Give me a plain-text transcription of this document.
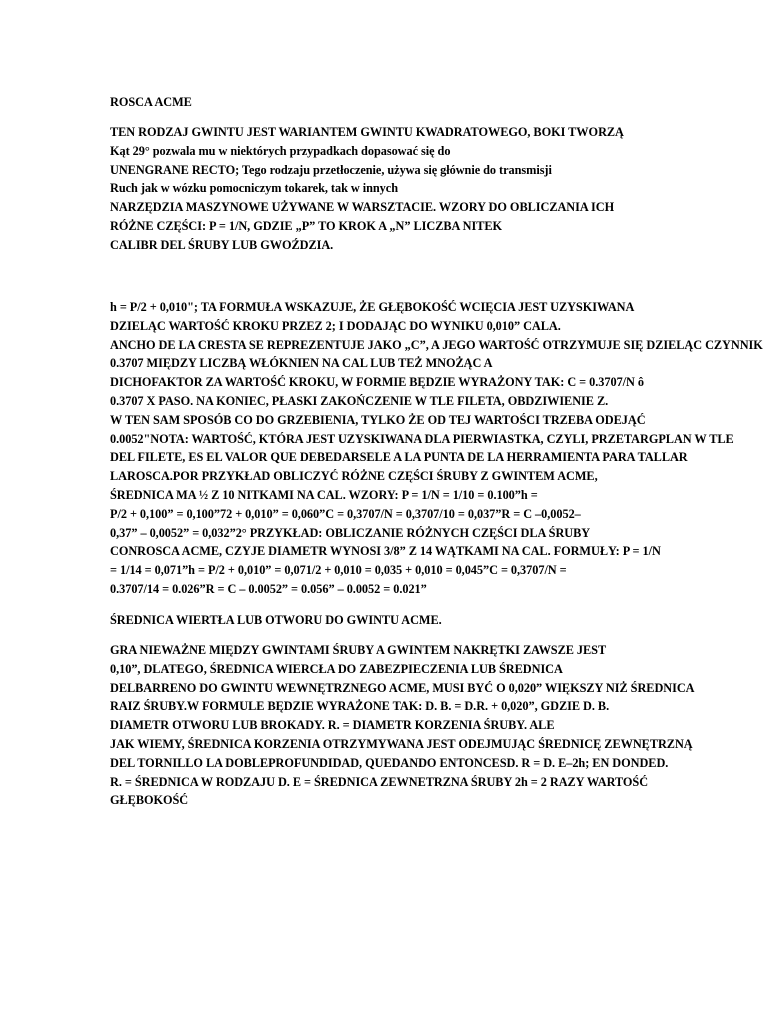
ROSCA ACME

TEN RODZAJ GWINTU JEST WARIANTEM GWINTU KWADRATOWEGO, BOKI TWORZĄ
Kąt 29° pozwala mu w niektórych przypadkach dopasować się do
UNENGRANE RECTO; Tego rodzaju przetłoczenie, używa się głównie do transmisji
Ruch jak w wózku pomocniczym tokarek, tak w innych
NARZĘDZIA MASZYNOWE UŻYWANE W WARSZTACIE. WZORY DO OBLICZANIA ICH
RÓŻNE CZĘŚCI: P = 1/N, GDZIE „P” TO KROK A „N” LICZBA NITEK
CALIBR DEL ŚRUBY LUB GWOŹDZIA.

h = P/2 + 0,010"; TA FORMUŁA WSKAZUJE, ŻE GŁĘBOKOŚĆ WCIĘCIA JEST UZYSKIWANA
DZIELĄC WARTOŚĆ KROKU PRZEZ 2; I DODAJĄC DO WYNIKU 0,010” CALA.
ANCHO DE LA CRESTA SE REPREZENTUJE JAKO „C”, A JEGO WARTOŚĆ OTRZYMUJE SIĘ DZIELĄC CZYNNIK
0.3707 MIĘDZY LICZBĄ WŁÓKNIEN NA CAL LUB TEŻ MNOŻĄC A
DICHOFAKTOR ZA WARTOŚĆ KROKU, W FORMIE BĘDZIE WYRAŻONY TAK: C = 0.3707/N ô
0.3707 X PASO. NA KONIEC, PŁASKI ZAKOŃCZENIE W TLE FILETA, OBDZIWIENIE Z.
W TEN SAM SPOSÓB CO DO GRZEBIENIA, TYLKO ŻE OD TEJ WARTOŚCI TRZEBA ODEJĄĆ
0.0052"NOTA: WARTOŚĆ, KTÓRA JEST UZYSKIWANA DLA PIERWIASTKA, CZYLI, PRZETARGPLAN W TLE
DEL FILETE, ES EL VALOR QUE DEBEDARSELE A LA PUNTA DE LA HERRAMIENTA PARA TALLAR
LAROSCA.POR PRZYKŁAD OBLICZYĆ RÓŻNE CZĘŚCI ŚRUBY Z GWINTEM ACME,
ŚREDNICA MA ½ Z 10 NITKAMI NA CAL. WZORY: P = 1/N = 1/10 = 0.100”h =
P/2 + 0,100” = 0,100”72 + 0,010” = 0,060”C = 0,3707/N = 0,3707/10 = 0,037”R = C –0,0052–
0,37” – 0,0052” = 0,032”2° PRZYKŁAD: OBLICZANIE RÓŻNYCH CZĘŚCI DLA ŚRUBY
CONROSCA ACME, CZYJE DIAMETR WYNOSI 3/8” Z 14 WĄTKAMI NA CAL. FORMUŁY: P = 1/N
= 1/14 = 0,071”h = P/2 + 0,010” = 0,071/2 + 0,010 = 0,035 + 0,010 = 0,045”C = 0,3707/N =
0.3707/14 = 0.026”R = C – 0.0052” = 0.056” – 0.0052 = 0.021”

ŚREDNICA WIERTŁA LUB OTWORU DO GWINTU ACME.

GRA NIEWAŻNE MIĘDZY GWINTAMI ŚRUBY A GWINTEM NAKRĘTKI ZAWSZE JEST
0,10”, DLATEGO, ŚREDNICA WIERCŁA DO ZABEZPIECZENIA LUB ŚREDNICA
DELBARRENO DO GWINTU WEWNĘTRZNEGO ACME, MUSI BYĆ O 0,020” WIĘKSZY NIŻ ŚREDNICA
RAIZ ŚRUBY.W FORMULE BĘDZIE WYRAŻONE TAK: D. B. = D.R. + 0,020”, GDZIE D. B.
DIAMETR OTWORU LUB BROKADY. R. = DIAMETR KORZENIA ŚRUBY. ALE
JAK WIEMY, ŚREDNICA KORZENIA OTRZYMYWANA JEST ODEJMUJĄC ŚREDNICĘ ZEWNĘTRZNĄ
DEL TORNILLO LA DOBLEPROFUNDIDAD, QUEDANDO ENTONCESD. R = D. E–2h; EN DONDED.
R. = ŚREDNICA W RODZAJU D. E = ŚREDNICA ZEWNETRZNA ŚRUBY 2h = 2 RAZY WARTOŚĆ
GŁĘBOKOŚĆ
